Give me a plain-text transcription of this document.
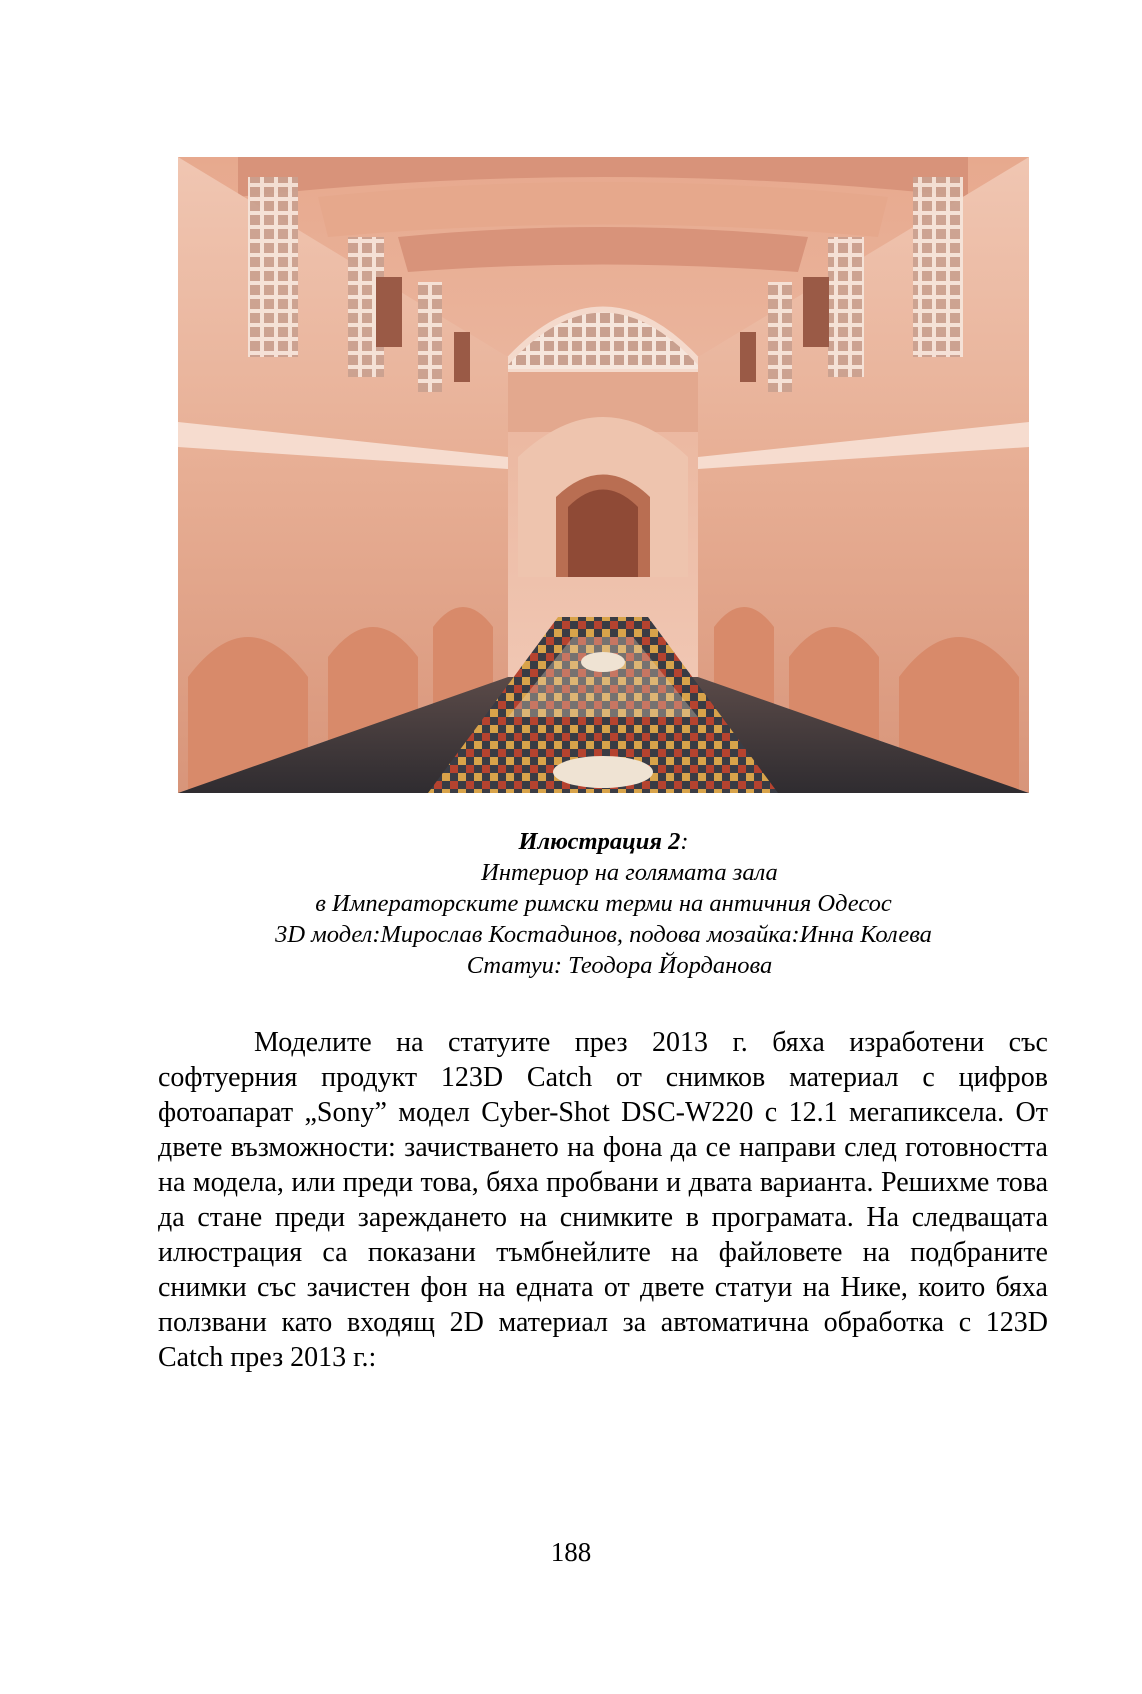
Илюстрация 2:
Интериор на голямата зала
в Императорските римски терми на античния Одесос
3D модел:Мирослав Костадинов, подова мозайка:Инна Колева
Статуи: Теодора Йорданова

Моделите на статуите през 2013 г. бяха изработени със софтуерния продукт 123D Catch от снимков материал с цифров фотоапарат „Sony” модел Cyber-Shot DSC-W220 с 12.1 мегапиксела. От двете възможности: зачистването на фона да се направи след готовността на модела, или преди това, бяха пробвани и двата варианта. Решихме това да стане преди зареждането на снимките в програмата. На следващата илюстрация са показани тъмбнейлите на файловете на подбраните снимки със зачистен фон на едната от двете статуи на Нике, които бяха ползвани като входящ 2D материал за автоматична обработка с 123D Catch през 2013 г.:

188
